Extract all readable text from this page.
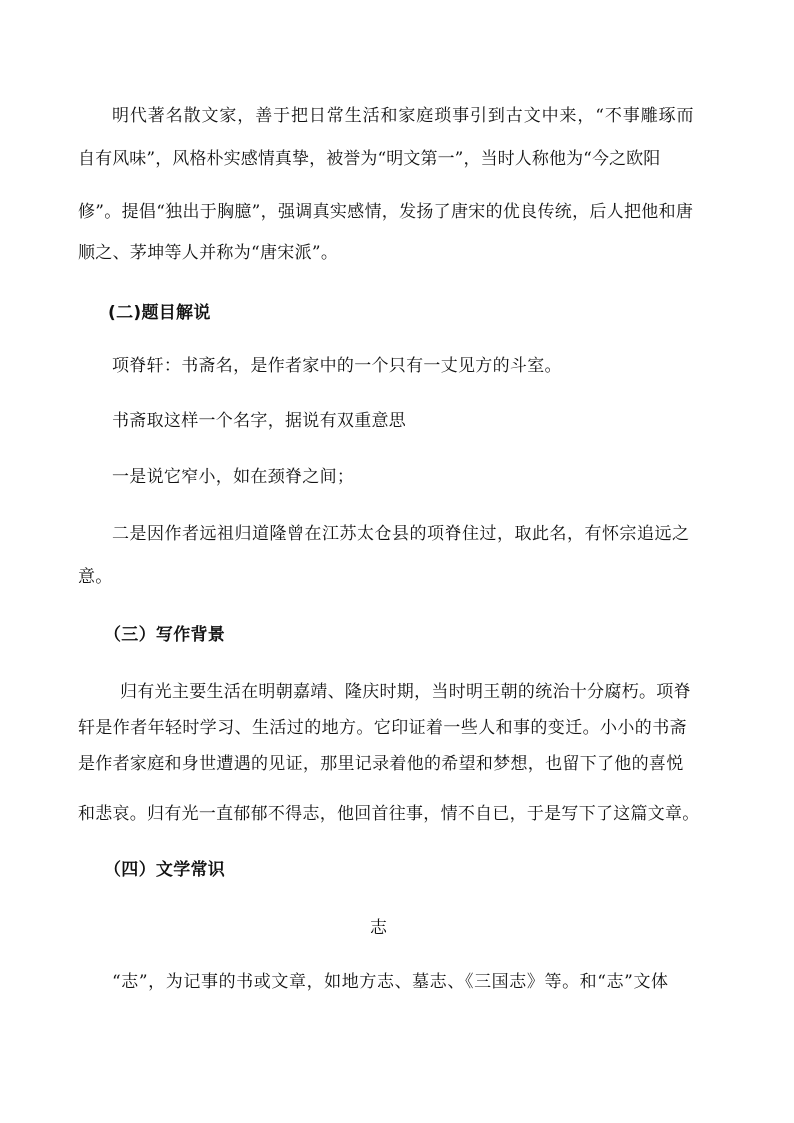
明代著名散文家，善于把日常生活和家庭琐事引到古文中来，“不事雕琢而
自有风味”，风格朴实感情真挚，被誉为“明文第一”，当时人称他为“今之欧阳
修”。提倡“独出于胸臆”，强调真实感情，发扬了唐宋的优良传统，后人把他和唐
顺之、茅坤等人并称为“唐宋派”。
(二)题目解说
项脊轩：书斋名，是作者家中的一个只有一丈见方的斗室。
书斋取这样一个名字，据说有双重意思
一是说它窄小，如在颈脊之间；
二是因作者远祖归道隆曾在江苏太仓县的项脊住过，取此名，有怀宗追远之
意。
（三）写作背景
归有光主要生活在明朝嘉靖、隆庆时期，当时明王朝的统治十分腐朽。项脊
轩是作者年轻时学习、生活过的地方。它印证着一些人和事的变迁。小小的书斋
是作者家庭和身世遭遇的见证，那里记录着他的希望和梦想，也留下了他的喜悦
和悲哀。归有光一直郁郁不得志，他回首往事，情不自已，于是写下了这篇文章。
（四）文学常识
志
“志”，为记事的书或文章，如地方志、墓志、《三国志》等。和“志”文体
